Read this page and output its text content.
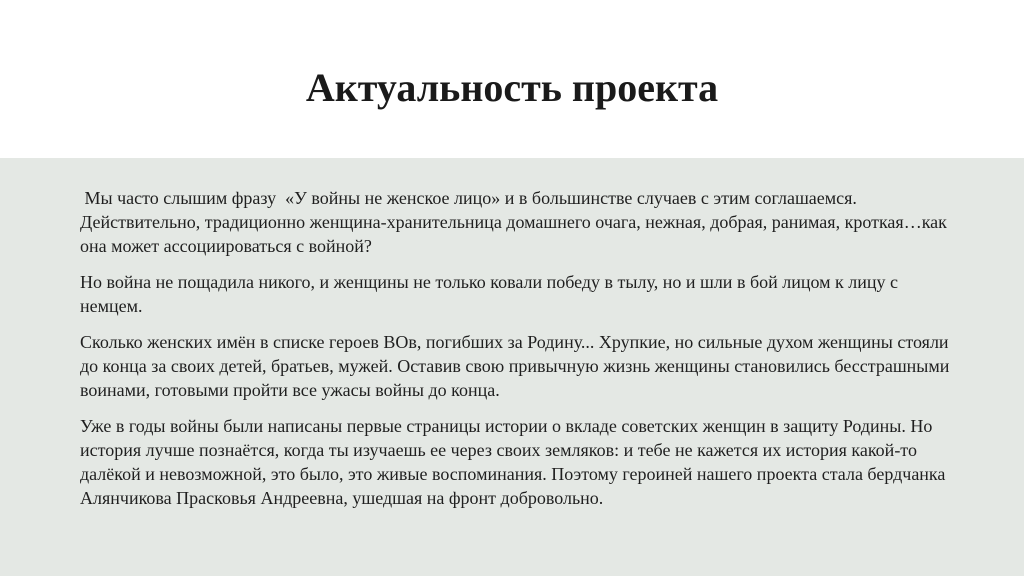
Актуальность проекта

Мы часто слышим фразу  «У войны не женское лицо» и в большинстве случаев с этим соглашаемся. Действительно, традиционно женщина-хранительница домашнего очага, нежная, добрая, ранимая, кроткая…как она может ассоциироваться с войной?

Но война не пощадила никого, и женщины не только ковали победу в тылу, но и шли в бой лицом к лицу с немцем.

Сколько женских имён в списке героев ВОв, погибших за Родину... Хрупкие, но сильные духом женщины стояли до конца за своих детей, братьев, мужей. Оставив свою привычную жизнь женщины становились бесстрашными воинами, готовыми пройти все ужасы войны до конца.

Уже в годы войны были написаны первые страницы истории о вкладе советских женщин в защиту Родины. Но история лучше познаётся, когда ты изучаешь ее через своих земляков: и тебе не кажется их история какой-то далёкой и невозможной, это было, это живые воспоминания. Поэтому героиней нашего проекта стала бердчанка Алянчикова Прасковья Андреевна, ушедшая на фронт добровольно.
